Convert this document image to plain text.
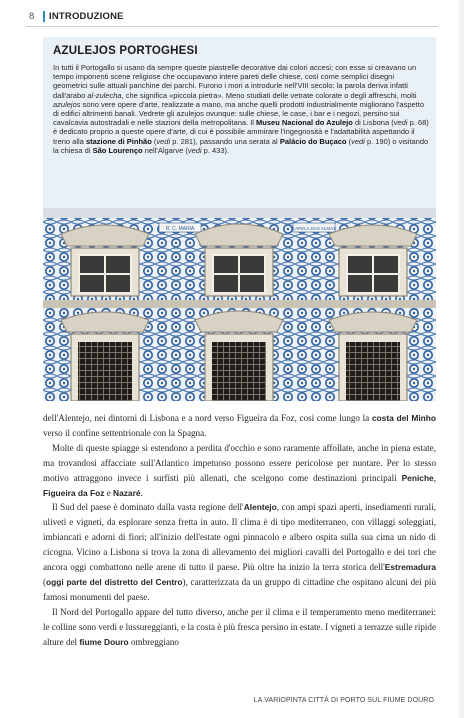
8	INTRODUZIONE
AZULEJOS PORTOGHESI

In tutti il Portogallo si usano da sempre queste piastrelle decorative dai colori accesi; con esse si creavano un tempo imponenti scene religiose che occupavano intere pareti delle chiese, così come semplici disegni geometrici sulle attuali panchine dei parchi. Furono i mori a introdurle nell'VIII secolo: la parola deriva infatti dall'arabo al-zulecha, che significa «piccola pietra». Meno studiati delle vetrate colorate o degli affreschi, molti azulejos sono vere opere d'arte, realizzate a mano, ma anche quelli prodotti industrialmente migliorano l'aspetto di edifici altrimenti banali. Vedrete gli azulejos ovunque: sulle chiese, le case, i bar e i negozi, persino sui cavalcavia autostradali e nelle stazioni della metropolitana. Il Museu Nacional do Azulejo di Lisbona (vedi p. 68) è dedicato proprio a queste opere d'arte, di cui è possibile ammirare l'ingegnosità e l'adattabilità aspettando il treno alla stazione di Pinhão (vedi p. 281), passando una serata al Palácio do Buçaco (vedi p. 190) o visitando la chiesa di São Lourenço nell'Algarve (vedi p. 433).

R. C. MARIA	CAPELA DAS ALMAS

dell'Alentejo, nei dintorni di Lisbona e a nord verso Figueira da Foz, così come lungo la costa del Minho verso il confine settentrionale con la Spagna.

Molte di queste spiagge si estendono a perdita d'occhio e sono raramente affollate, anche in piena estate, ma trovandosi affacciate sull'Atlantico impetuoso possono essere pericolose per nuotare. Per lo stesso motivo attraggono invece i surfisti più allenati, che scelgono come destinazioni principali Peniche, Figueira da Foz e Nazaré.

Il Sud del paese è dominato dalla vasta regione dell'Alentejo, con ampi spazi aperti, insediamenti rurali, uliveti e vigneti, da esplorare senza fretta in auto. Il clima è di tipo mediterraneo, con villaggi soleggiati, imbiancati e adorni di fiori; all'inizio dell'estate ogni pinnacolo e albero ospita sulla sua cima un nido di cicogna. Vicino a Lisbona si trova la zona di allevamento dei migliori cavalli del Portogallo e dei tori che ancora oggi combattono nelle arene di tutto il paese. Più oltre ha inizio la terra storica dell'Estremadura (oggi parte del distretto del Centro), caratterizzata da un gruppo di cittadine che ospitano alcuni dei più famosi monumenti del paese.

Il Nord del Portogallo appare del tutto diverso, anche per il clima e il temperamento meno mediterranei: le colline sono verdi e lussureggianti, e la costa è più fresca persino in estate. I vigneti a terrazze sulle ripide alture del fiume Douro ombreggiano

LA VARIOPINTA CITTÀ DI PORTO SUL FIUME DOURO
